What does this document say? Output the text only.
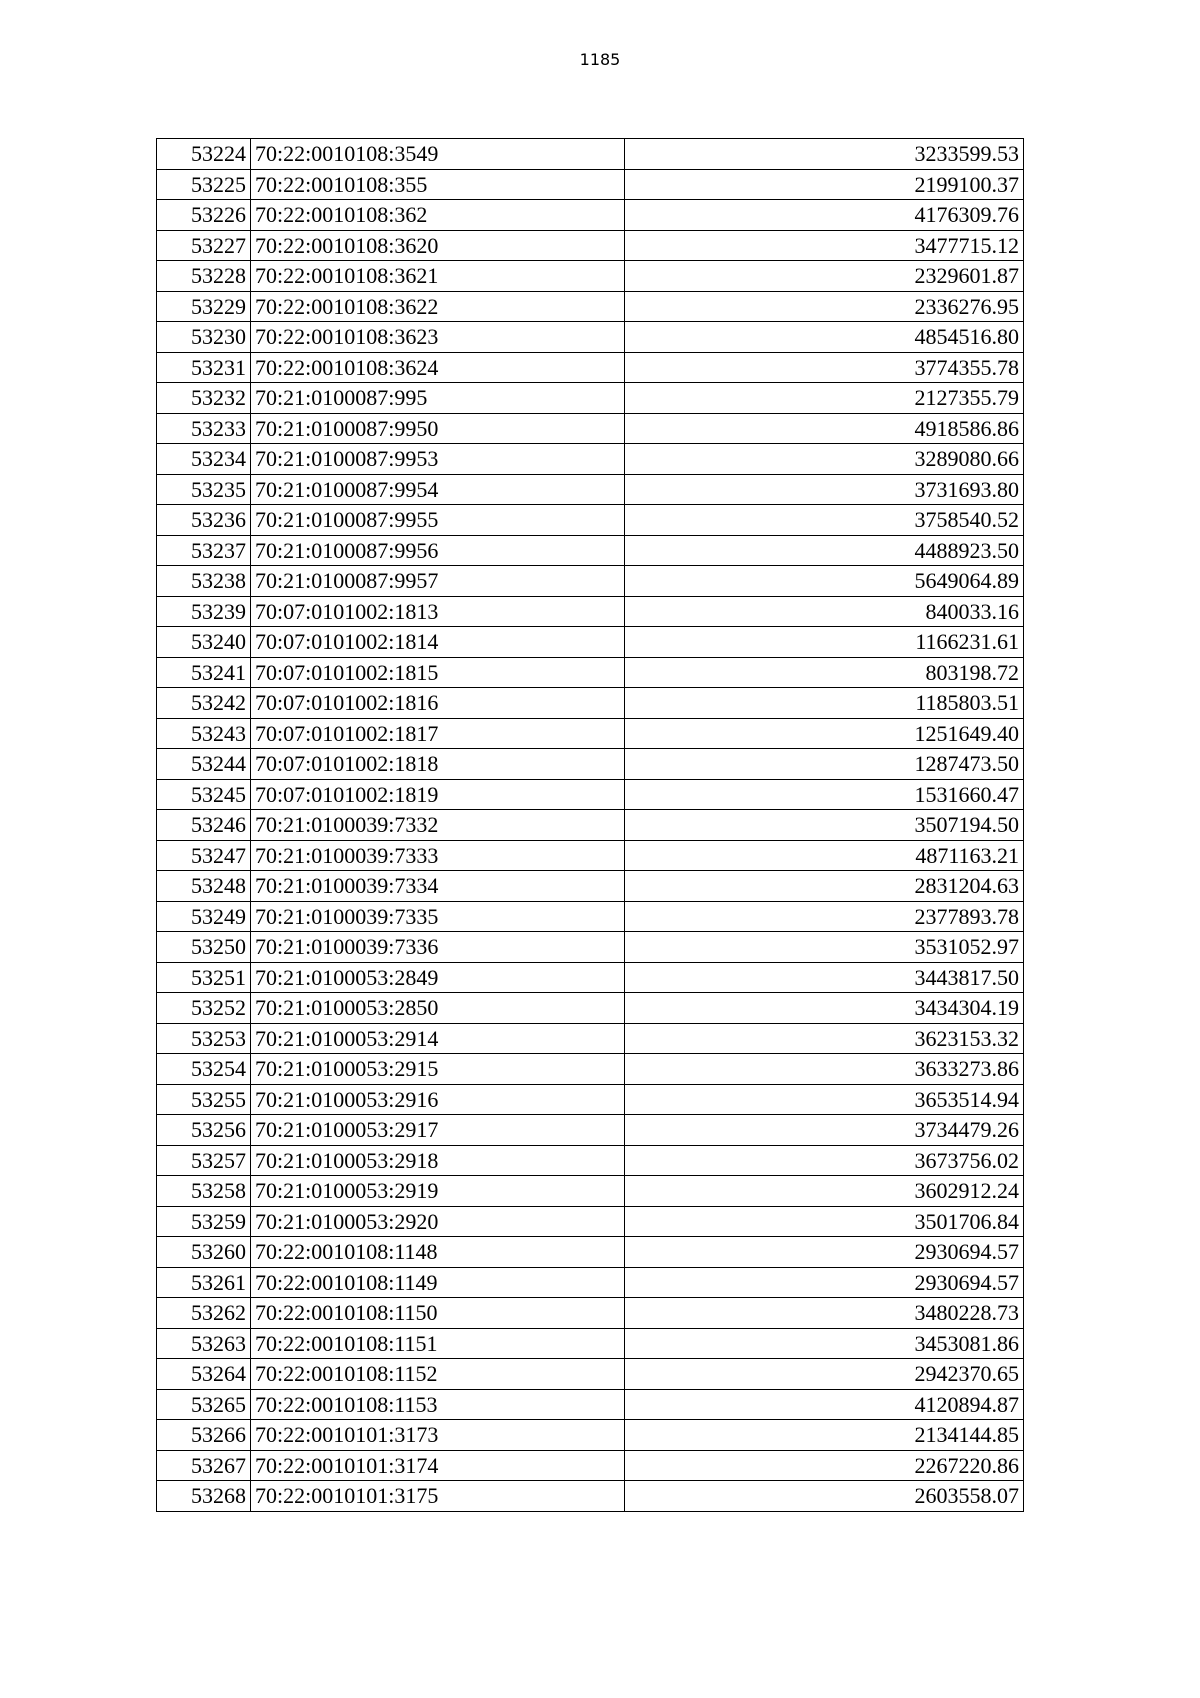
1185
53224	70:22:0010108:3549	3233599.53
53225	70:22:0010108:355	2199100.37
53226	70:22:0010108:362	4176309.76
53227	70:22:0010108:3620	3477715.12
53228	70:22:0010108:3621	2329601.87
53229	70:22:0010108:3622	2336276.95
53230	70:22:0010108:3623	4854516.80
53231	70:22:0010108:3624	3774355.78
53232	70:21:0100087:995	2127355.79
53233	70:21:0100087:9950	4918586.86
53234	70:21:0100087:9953	3289080.66
53235	70:21:0100087:9954	3731693.80
53236	70:21:0100087:9955	3758540.52
53237	70:21:0100087:9956	4488923.50
53238	70:21:0100087:9957	5649064.89
53239	70:07:0101002:1813	840033.16
53240	70:07:0101002:1814	1166231.61
53241	70:07:0101002:1815	803198.72
53242	70:07:0101002:1816	1185803.51
53243	70:07:0101002:1817	1251649.40
53244	70:07:0101002:1818	1287473.50
53245	70:07:0101002:1819	1531660.47
53246	70:21:0100039:7332	3507194.50
53247	70:21:0100039:7333	4871163.21
53248	70:21:0100039:7334	2831204.63
53249	70:21:0100039:7335	2377893.78
53250	70:21:0100039:7336	3531052.97
53251	70:21:0100053:2849	3443817.50
53252	70:21:0100053:2850	3434304.19
53253	70:21:0100053:2914	3623153.32
53254	70:21:0100053:2915	3633273.86
53255	70:21:0100053:2916	3653514.94
53256	70:21:0100053:2917	3734479.26
53257	70:21:0100053:2918	3673756.02
53258	70:21:0100053:2919	3602912.24
53259	70:21:0100053:2920	3501706.84
53260	70:22:0010108:1148	2930694.57
53261	70:22:0010108:1149	2930694.57
53262	70:22:0010108:1150	3480228.73
53263	70:22:0010108:1151	3453081.86
53264	70:22:0010108:1152	2942370.65
53265	70:22:0010108:1153	4120894.87
53266	70:22:0010101:3173	2134144.85
53267	70:22:0010101:3174	2267220.86
53268	70:22:0010101:3175	2603558.07
